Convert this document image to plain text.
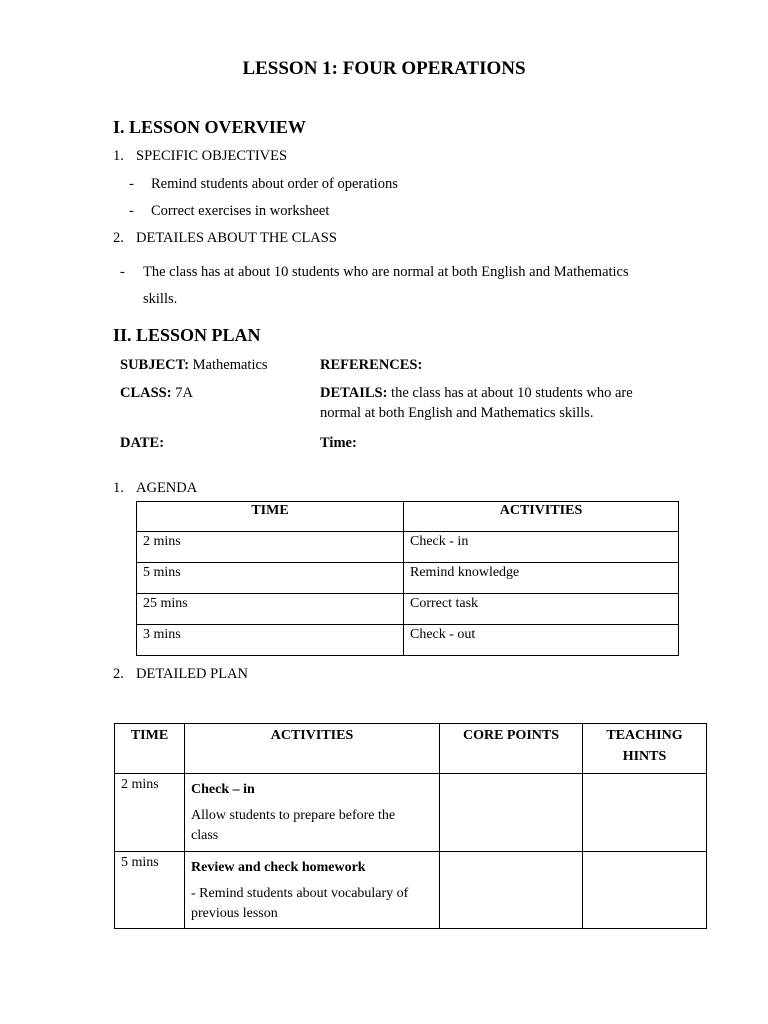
LESSON 1: FOUR OPERATIONS
I. LESSON OVERVIEW
1. SPECIFIC OBJECTIVES
- Remind students about order of operations
- Correct exercises in worksheet
2. DETAILES ABOUT THE CLASS
- The class has at about 10 students who are normal at both English and Mathematics
skills.
II. LESSON PLAN
SUBJECT: Mathematics	REFERENCES:
CLASS: 7A	DETAILS: the class has at about 10 students who are
normal at both English and Mathematics skills.
DATE:	Time:
1. AGENDA
TIME	ACTIVITIES
2 mins	Check - in
5 mins	Remind knowledge
25 mins	Correct task
3 mins	Check - out
2. DETAILED PLAN
TIME	ACTIVITIES	CORE POINTS	TEACHING HINTS
2 mins	Check – in
Allow students to prepare before the class		

5 mins	Review and check homework
- Remind students about vocabulary of previous lesson		
